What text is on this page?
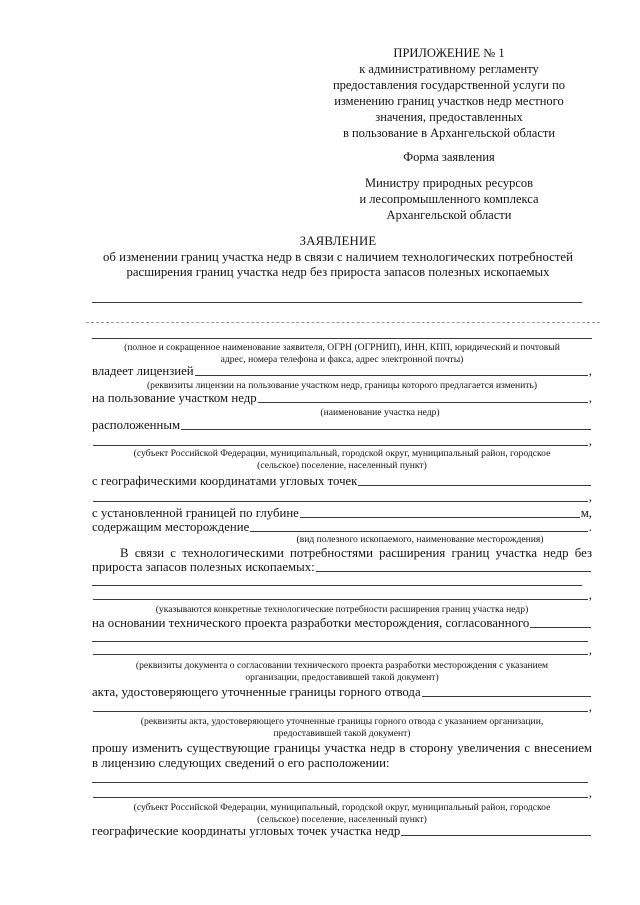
ПРИЛОЖЕНИЕ № 1
к административному регламенту
предоставления государственной услуги по
изменению границ участков недр местного
значения, предоставленных
в пользование в Архангельской области
Форма заявления
Министру природных ресурсов
и лесопромышленного комплекса
Архангельской области
ЗАЯВЛЕНИЕ
об изменении границ участка недр в связи с наличием технологических потребностей
расширения границ участка недр без прироста запасов полезных ископаемых
(полное и сокращенное наименование заявителя, ОГРН (ОГРНИП), ИНН, КПП, юридический и почтовый
адрес, номера телефона и факса, адрес электронной почты)
владеет лицензией	,
(реквизиты лицензии на пользование участком недр, границы которого предлагается изменить)
на пользование участком недр	,
(наименование участка недр)
расположенным
,
(субъект Российской Федерации, муниципальный, городской округ, муниципальный район, городское
(сельское) поселение, населенный пункт)
с географическими координатами угловых точек
,
с установленной границей по глубине	м,
содержащим месторождение	.
(вид полезного ископаемого, наименование месторождения)
В связи с технологическими потребностями расширения границ участка недр без
прироста запасов полезных ископаемых:
,
(указываются конкретные технологические потребности расширения границ участка недр)
на основании технического проекта разработки месторождения, согласованного
,
(реквизиты документа о согласовании технического проекта разработки месторождения с указанием
организации, предоставившей такой документ)
акта, удостоверяющего уточненные границы горного отвода
,
(реквизиты акта, удостоверяющего уточненные границы горного отвода с указанием организации,
предоставившей такой документ)
прошу изменить существующие границы участка недр в сторону увеличения с внесением
в лицензию следующих сведений о его расположении:
,
(субъект Российской Федерации, муниципальный, городской округ, муниципальный район, городское
(сельское) поселение, населенный пункт)
географические координаты угловых точек участка недр
